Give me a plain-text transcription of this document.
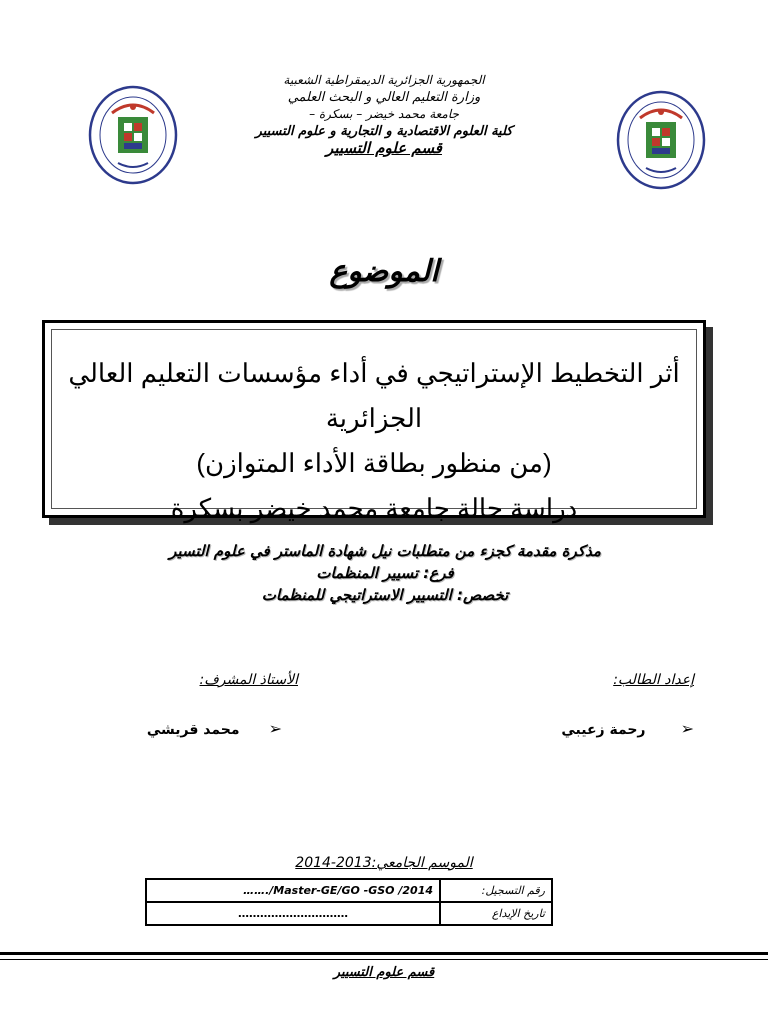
الجمهورية الجزائرية الديمقراطية الشعبية
وزارة التعليم العالي و البحث العلمي
جامعة محمد خيضر – بسكرة –
كلية العلوم الاقتصادية و التجارية و علوم التسيير
قسم علوم التسيير
الموضوع
أثر التخطيط الإستراتيجي في أداء مؤسسات التعليم العالي الجزائرية
(من منظور بطاقة الأداء المتوازن)
دراسة حالة جامعة محمد خيضر بسكرة
مذكرة مقدمة كجزء من متطلبات نيل شهادة الماستر في علوم التسير
فرع: تسيير المنظمات
تخصص: التسيير الاستراتيجي للمنظمات
إعداد الطالب:
الأستاذ المشرف:
➢ رحمة زعيبي
➢ محمد قريشي
الموسم الجامعي:2013-2014
……./Master-GE/GO -GSO /2014	رقم التسجيل:
…………………………	تاريخ الإيداع
قسم علوم التسيير
